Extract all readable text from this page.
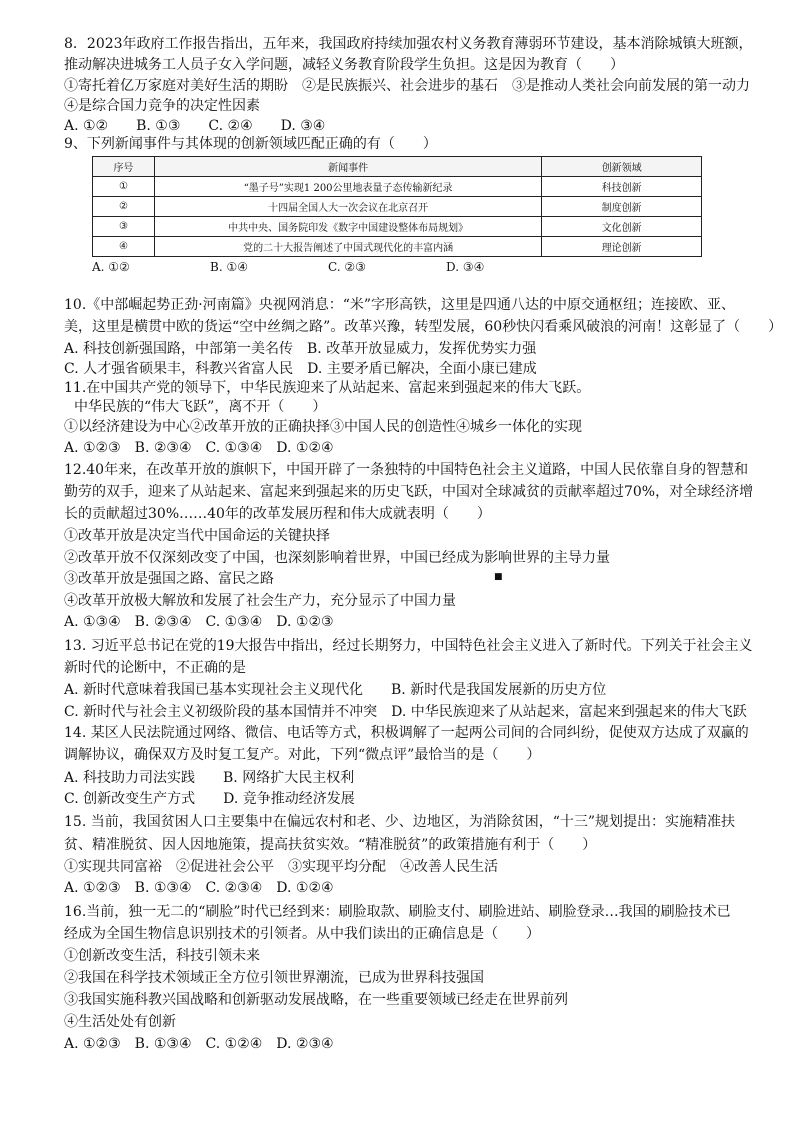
8．2023年政府工作报告指出，五年来，我国政府持续加强农村义务教育薄弱环节建设，基本消除城镇大班额，
推动解决进城务工人员子女入学问题，减轻义务教育阶段学生负担。这是因为教育（　　）
①寄托着亿万家庭对美好生活的期盼　②是民族振兴、社会进步的基石　③是推动人类社会向前发展的第一动力
④是综合国力竞争的决定性因素
A. ①②　　B. ①③　　C. ②④　　D. ③④
9、下列新闻事件与其体现的创新领域匹配正确的有（　　）
序号	新闻事件	创新领域
①	“墨子号”实现1 200公里地表量子态传输新纪录	科技创新
②	十四届全国人大一次会议在北京召开	制度创新
③	中共中央、国务院印发《数字中国建设整体布局规划》	文化创新
④	党的二十大报告阐述了中国式现代化的丰富内涵	理论创新
A. ①②	B. ①④	C. ②③	D. ③④
10.《中部崛起势正劲·河南篇》央视网消息：“米”字形高铁，这里是四通八达的中原交通枢纽；连接欧、亚、
美，这里是横贯中欧的货运“空中丝绸之路”。改革兴豫，转型发展，60秒快闪看乘风破浪的河南！这彰显了（　　）
A. 科技创新强国路，中部第一美名传　B. 改革开放显威力，发挥优势实力强
C. 人才强省硕果丰，科教兴省富人民　D. 主要矛盾已解决，全面小康已建成
11.在中国共产党的领导下，中华民族迎来了从站起来、富起来到强起来的伟大飞跃。
中华民族的“伟大飞跃”，离不开（　　）
①以经济建设为中心②改革开放的正确抉择③中国人民的创造性④城乡一体化的实现
A. ①②③　B. ②③④　C. ①③④　D. ①②④
12.40年来，在改革开放的旗帜下，中国开辟了一条独特的中国特色社会主义道路，中国人民依靠自身的智慧和
勤劳的双手，迎来了从站起来、富起来到强起来的历史飞跃，中国对全球减贫的贡献率超过70%，对全球经济增
长的贡献超过30%……40年的改革发展历程和伟大成就表明（　　）
①改革开放是决定当代中国命运的关键抉择
②改革开放不仅深刻改变了中国，也深刻影响着世界，中国已经成为影响世界的主导力量
③改革开放是强国之路、富民之路
④改革开放极大解放和发展了社会生产力，充分显示了中国力量
■
A. ①③④　B. ②③④　C. ①③④　D. ①②③
13. 习近平总书记在党的19大报告中指出，经过长期努力，中国特色社会主义进入了新时代。下列关于社会主义
新时代的论断中，不正确的是
A. 新时代意味着我国已基本实现社会主义现代化　　B. 新时代是我国发展新的历史方位
C. 新时代与社会主义初级阶段的基本国情并不冲突　D. 中华民族迎来了从站起来，富起来到强起来的伟大飞跃
14. 某区人民法院通过网络、微信、电话等方式，积极调解了一起两公司间的合同纠纷，促使双方达成了双赢的
调解协议，确保双方及时复工复产。对此，下列“微点评”最恰当的是（　　）
A. 科技助力司法实践　　B. 网络扩大民主权利
C. 创新改变生产方式　　D. 竞争推动经济发展
15. 当前，我国贫困人口主要集中在偏远农村和老、少、边地区，为消除贫困，“十三”规划提出：实施精准扶
贫、精准脱贫、因人因地施策，提高扶贫实效。“精准脱贫”的政策措施有利于（　　）
①实现共同富裕　②促进社会公平　③实现平均分配　④改善人民生活
A. ①②③　B. ①③④　C. ②③④　D. ①②④
16.当前，独一无二的“刷脸”时代已经到来：刷脸取款、刷脸支付、刷脸进站、刷脸登录…我国的刷脸技术已
经成为全国生物信息识别技术的引领者。从中我们读出的正确信息是（　　）
①创新改变生活，科技引领未来
②我国在科学技术领域正全方位引领世界潮流，已成为世界科技强国
③我国实施科教兴国战略和创新驱动发展战略，在一些重要领域已经走在世界前列
④生活处处有创新
A. ①②③　B. ①③④　C. ①②④　D. ②③④
